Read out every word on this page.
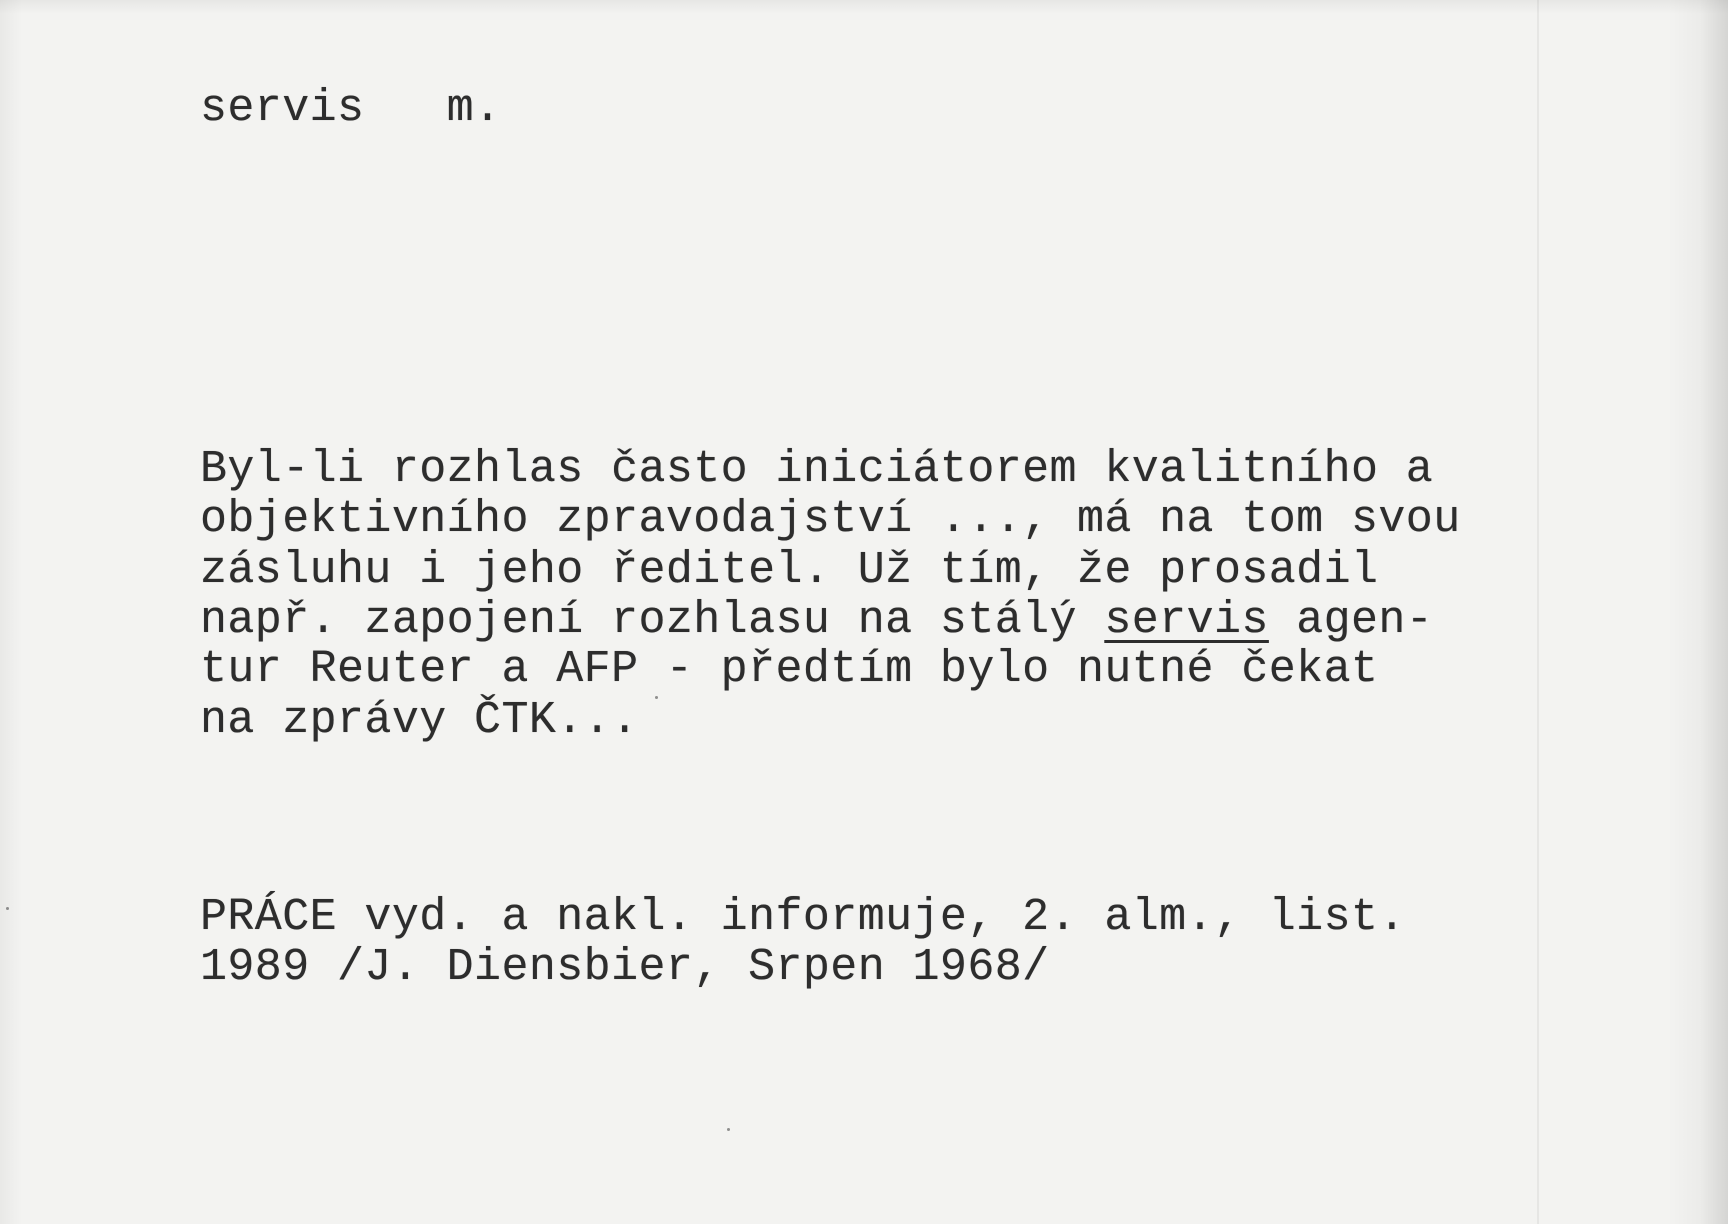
servis   m.

Byl-li rozhlas často iniciátorem kvalitního a

objektivního zpravodajství ..., má na tom svou

zásluhu i jeho ředitel. Už tím, že prosadil

např. zapojení rozhlasu na stálý servis agen-

tur Reuter a AFP - předtím bylo nutné čekat

na zprávy ČTK...

PRÁCE vyd. a nakl. informuje, 2. alm., list.

1989 /J. Diensbier, Srpen 1968/
